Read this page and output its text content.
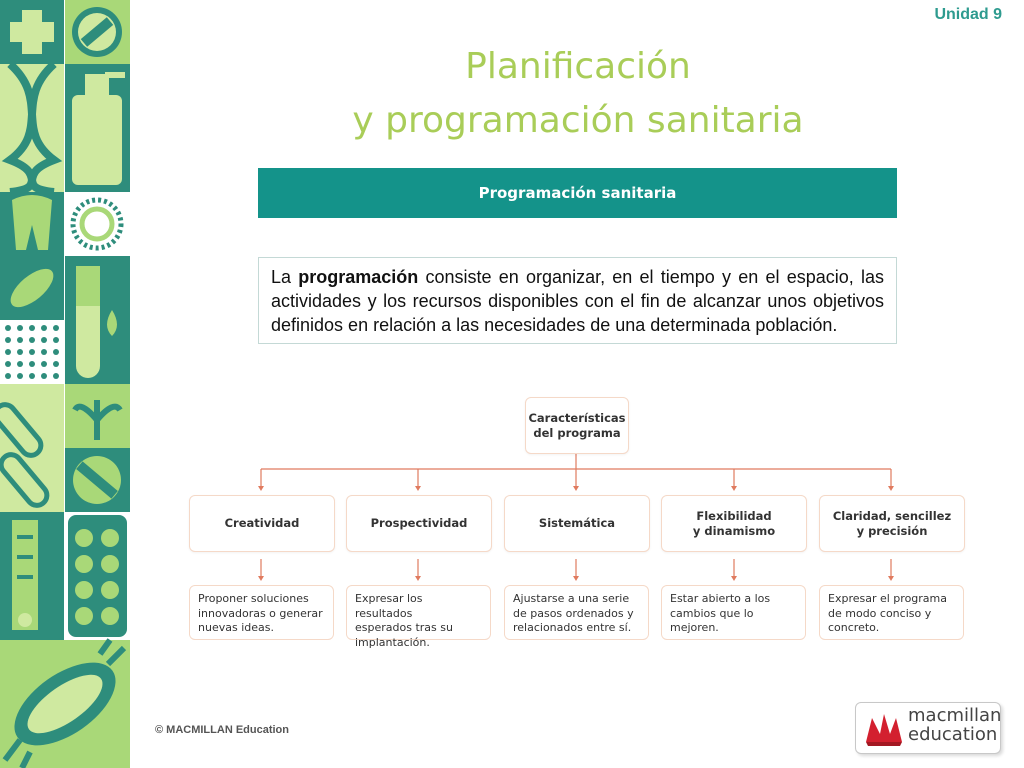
Unidad 9
Planificación
y programación sanitaria
Programación sanitaria
La programación consiste en organizar, en el tiempo y en el espacio, las actividades y los recursos disponibles con el fin de alcanzar unos objetivos definidos en relación a las necesidades de una determinada población.
Características
del programa
Creatividad	Prospectividad	Sistemática
Flexibilidad
y dinamismo
Claridad, sencillez
y precisión
Proponer soluciones
innovadoras o generar
nuevas ideas.
Expresar los resultados
esperados tras su
implantación.
Ajustarse a una serie
de pasos ordenados y
relacionados entre sí.
Estar abierto a los
cambios que lo
mejoren.
Expresar el programa
de modo conciso y
concreto.
© MACMILLAN Education
macmillan
education
